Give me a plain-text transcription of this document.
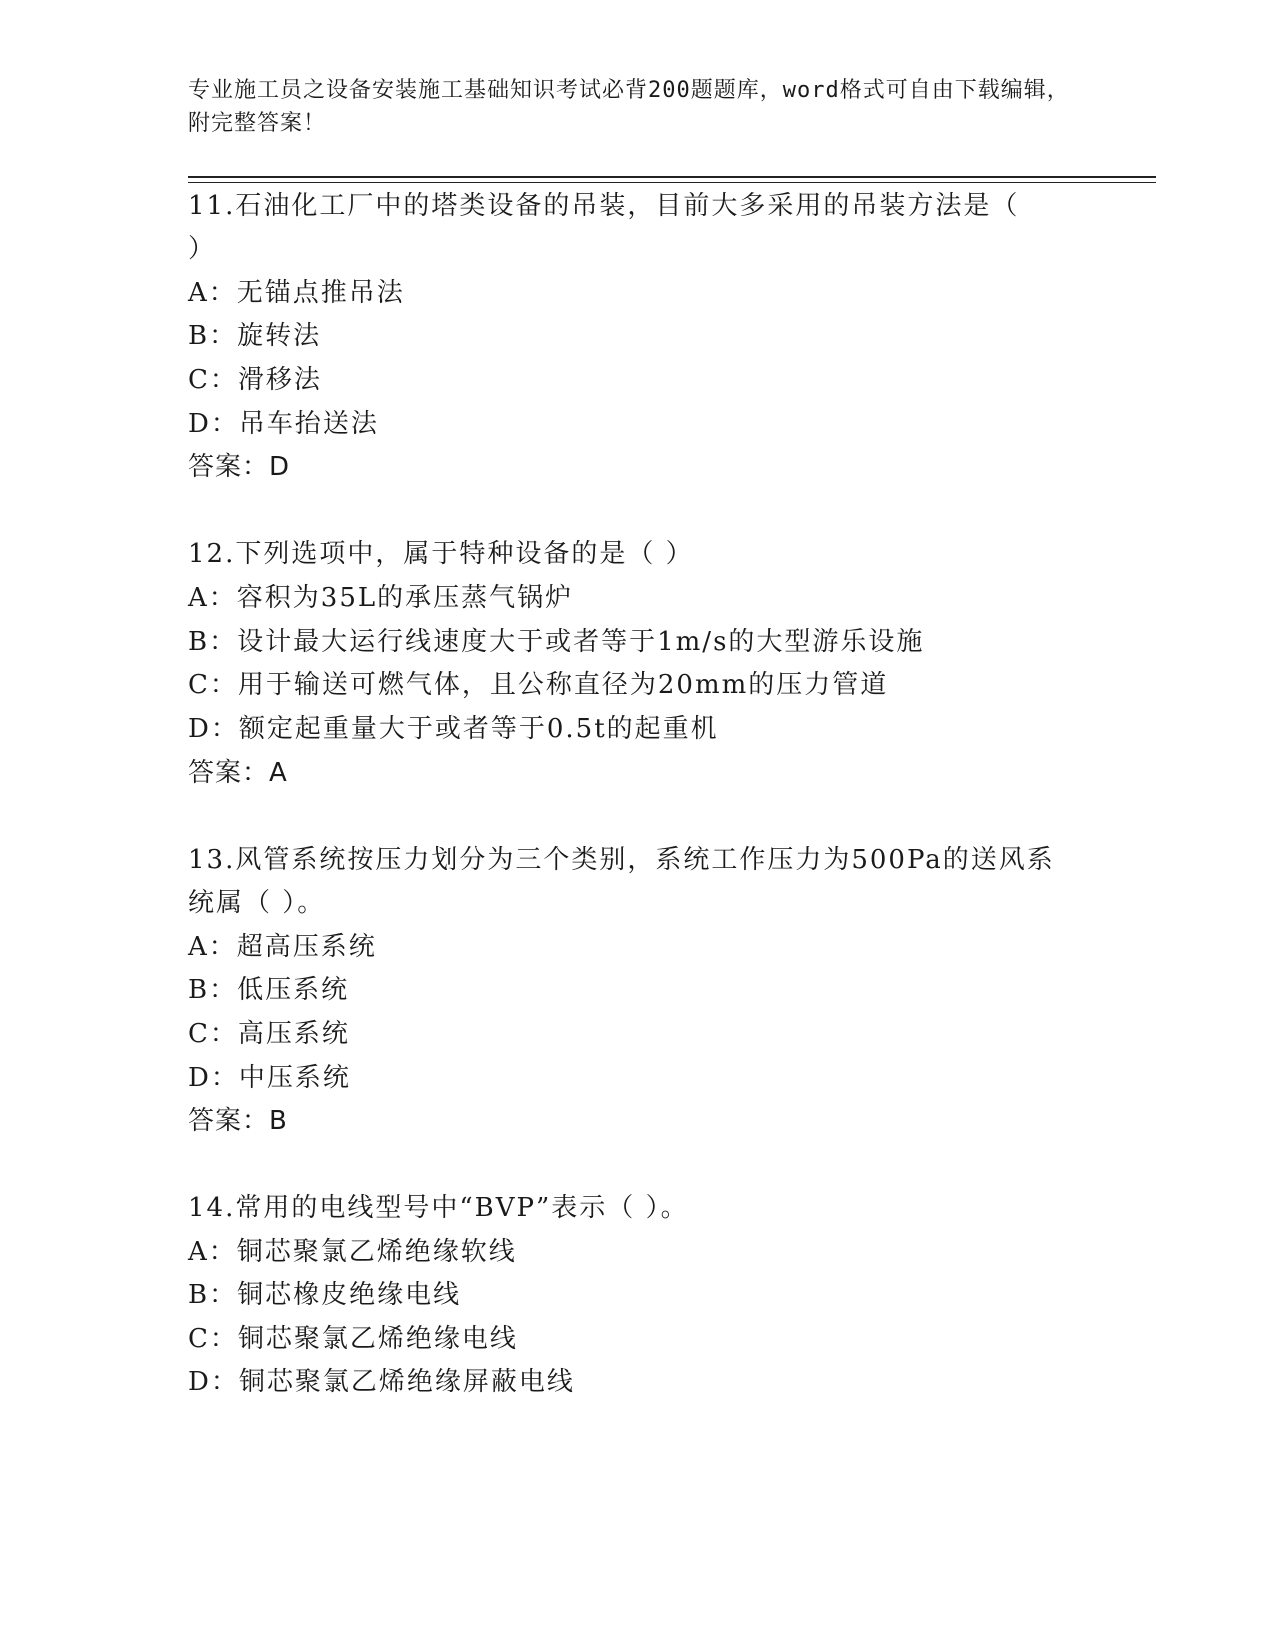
专业施工员之设备安装施工基础知识考试必背200题题库，word格式可自由下载编辑，附完整答案！
11.石油化工厂中的塔类设备的吊装，目前大多采用的吊装方法是（
）
A：无锚点推吊法
B：旋转法
C：滑移法
D：吊车抬送法
答案：D
12.下列选项中，属于特种设备的是（ ）
A：容积为35L的承压蒸气锅炉
B：设计最大运行线速度大于或者等于1m/s的大型游乐设施
C：用于输送可燃气体，且公称直径为20mm的压力管道
D：额定起重量大于或者等于0.5t的起重机
答案：A
13.风管系统按压力划分为三个类别，系统工作压力为500Pa的送风系
统属（ ）。
A：超高压系统
B：低压系统
C：高压系统
D：中压系统
答案：B
14.常用的电线型号中“BVP”表示（ ）。
A：铜芯聚氯乙烯绝缘软线
B：铜芯橡皮绝缘电线
C：铜芯聚氯乙烯绝缘电线
D：铜芯聚氯乙烯绝缘屏蔽电线
